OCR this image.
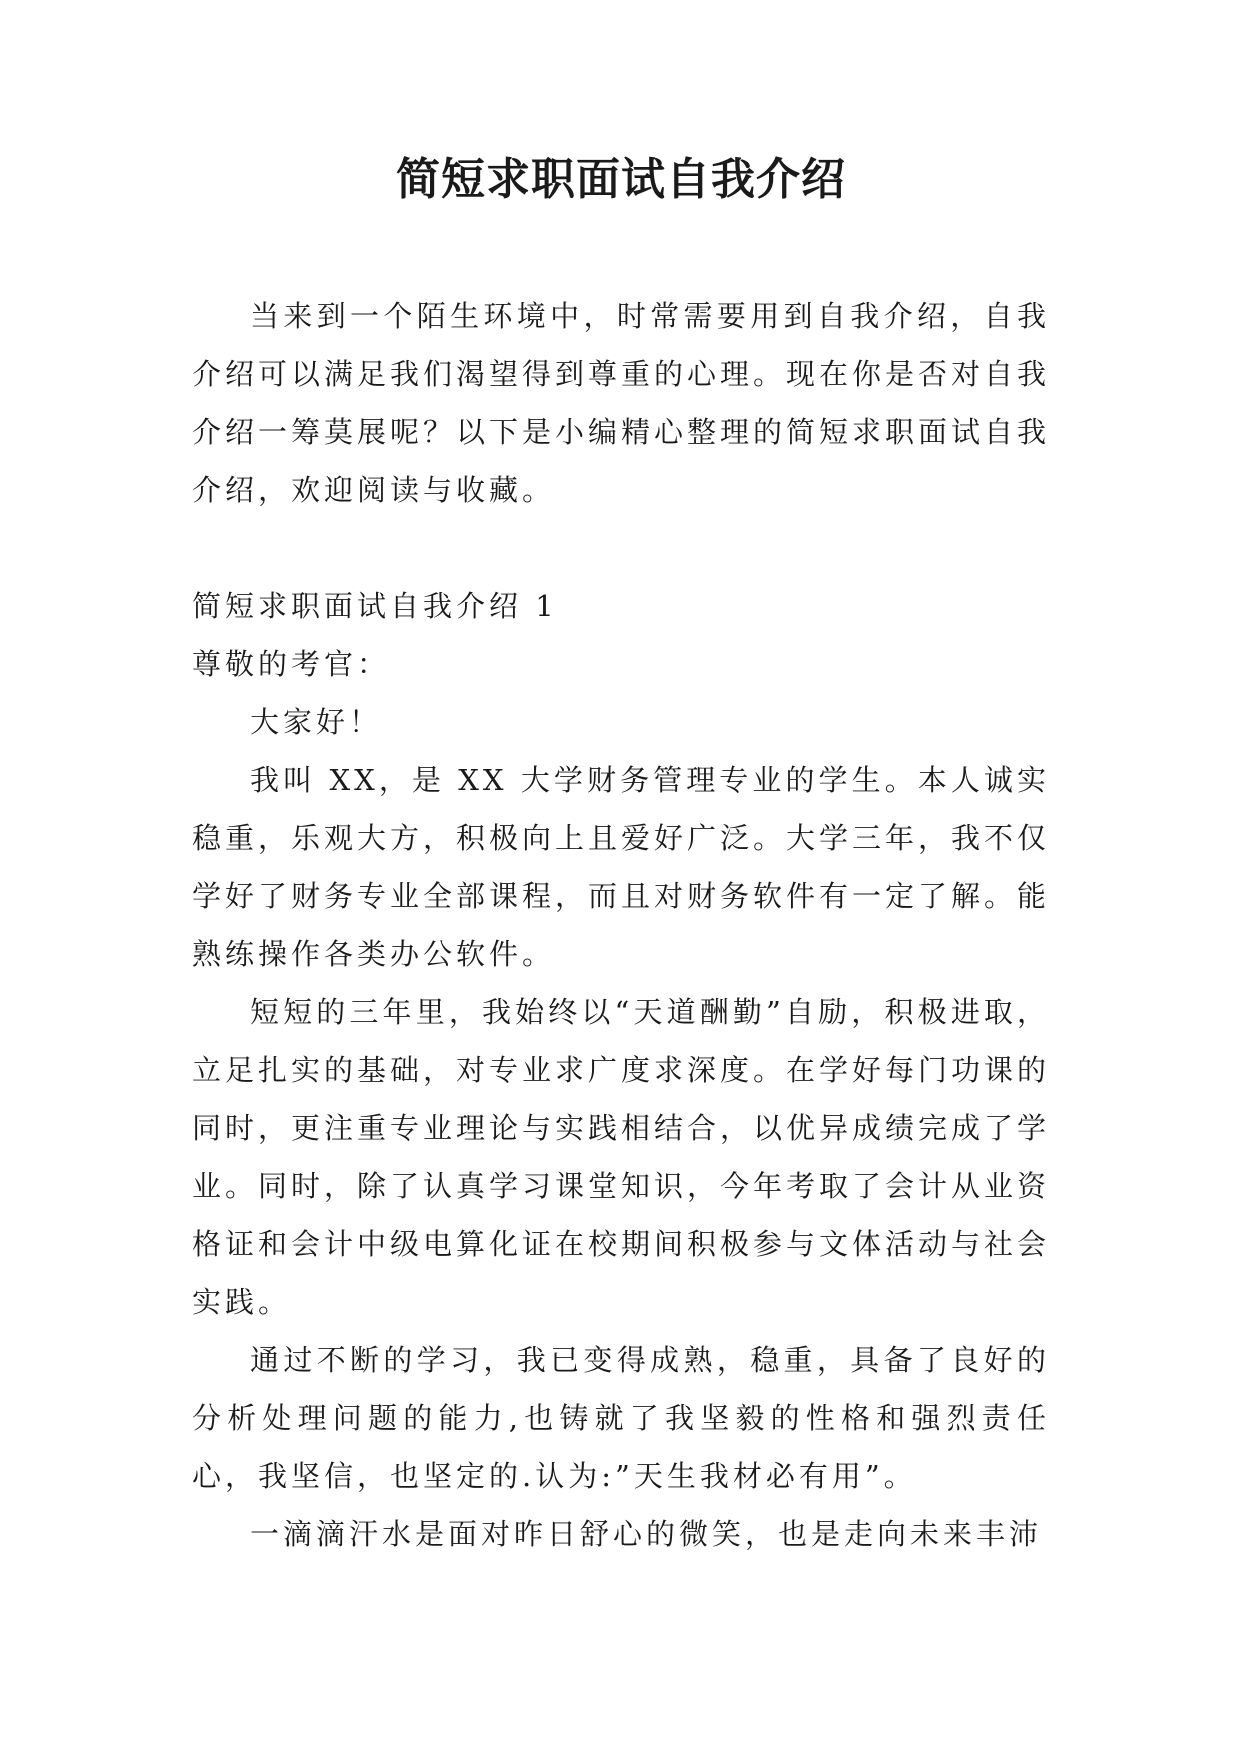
简短求职面试自我介绍

当来到一个陌生环境中，时常需要用到自我介绍，自我介绍可以满足我们渴望得到尊重的心理。现在你是否对自我介绍一筹莫展呢？以下是小编精心整理的简短求职面试自我介绍，欢迎阅读与收藏。

简短求职面试自我介绍 1

尊敬的考官：

大家好！

我叫 XX，是 XX 大学财务管理专业的学生。本人诚实稳重，乐观大方，积极向上且爱好广泛。大学三年，我不仅学好了财务专业全部课程，而且对财务软件有一定了解。能熟练操作各类办公软件。

短短的三年里，我始终以“天道酬勤”自励，积极进取，立足扎实的基础，对专业求广度求深度。在学好每门功课的同时，更注重专业理论与实践相结合，以优异成绩完成了学业。同时，除了认真学习课堂知识，今年考取了会计从业资格证和会计中级电算化证在校期间积极参与文体活动与社会实践。

通过不断的学习，我已变得成熟，稳重，具备了良好的分析处理问题的能力,也铸就了我坚毅的性格和强烈责任心，我坚信，也坚定的.认为:”天生我材必有用”。

一滴滴汗水是面对昨日舒心的微笑，也是走向未来丰沛
